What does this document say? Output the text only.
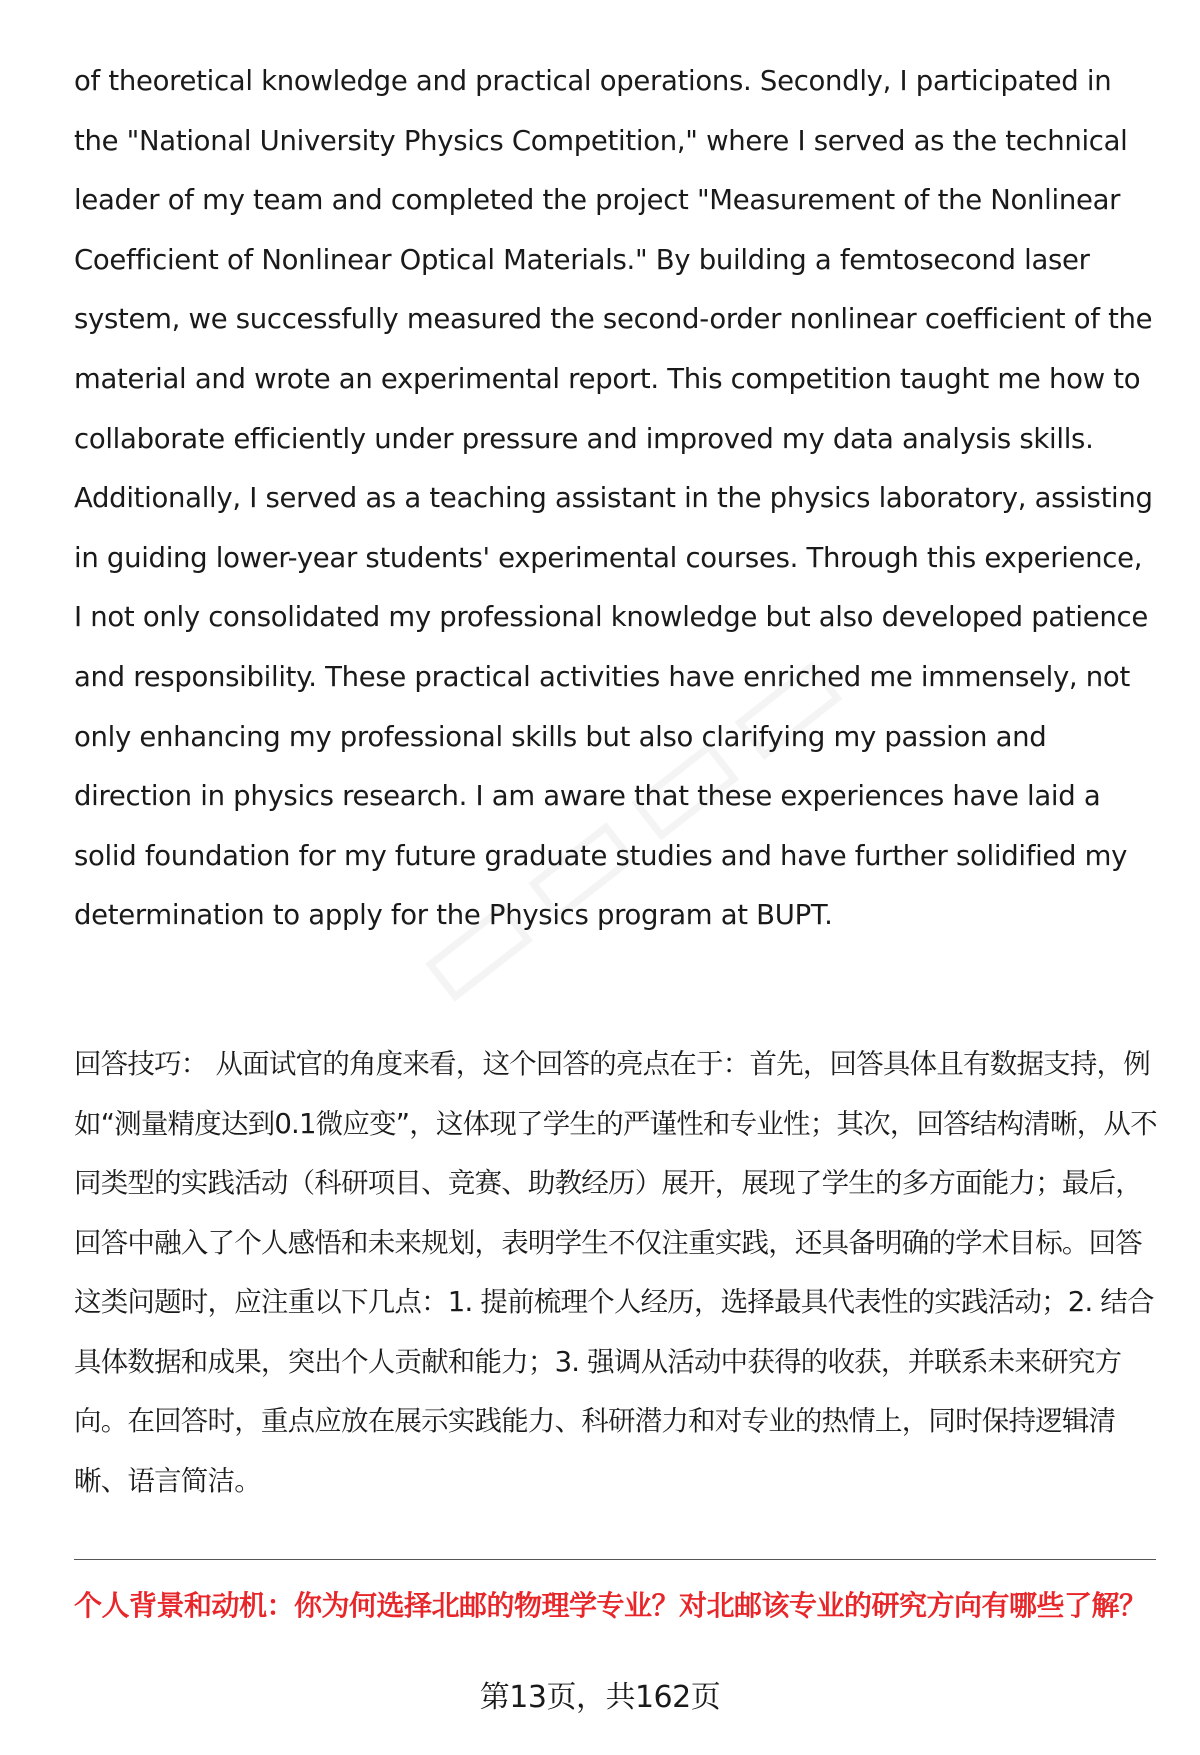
of theoretical knowledge and practical operations. Secondly, I participated in the "National University Physics Competition," where I served as the technical leader of my team and completed the project "Measurement of the Nonlinear Coefficient of Nonlinear Optical Materials." By building a femtosecond laser system, we successfully measured the second-order nonlinear coefficient of the material and wrote an experimental report. This competition taught me how to collaborate efficiently under pressure and improved my data analysis skills. Additionally, I served as a teaching assistant in the physics laboratory, assisting in guiding lower-year students' experimental courses. Through this experience, I not only consolidated my professional knowledge but also developed patience and responsibility. These practical activities have enriched me immensely, not only enhancing my professional skills but also clarifying my passion and direction in physics research. I am aware that these experiences have laid a solid foundation for my future graduate studies and have further solidified my determination to apply for the Physics program at BUPT.

回答技巧： 从面试官的角度来看，这个回答的亮点在于：首先，回答具体且有数据支持，例如“测量精度达到0.1微应变”，这体现了学生的严谨性和专业性；其次，回答结构清晰，从不同类型的实践活动（科研项目、竞赛、助教经历）展开，展现了学生的多方面能力；最后，回答中融入了个人感悟和未来规划，表明学生不仅注重实践，还具备明确的学术目标。回答这类问题时，应注重以下几点：1. 提前梳理个人经历，选择最具代表性的实践活动；2. 结合具体数据和成果，突出个人贡献和能力；3. 强调从活动中获得的收获，并联系未来研究方向。在回答时，重点应放在展示实践能力、科研潜力和对专业的热情上，同时保持逻辑清晰、语言简洁。

个人背景和动机：你为何选择北邮的物理学专业？对北邮该专业的研究方向有哪些了解？

第13页，共162页
